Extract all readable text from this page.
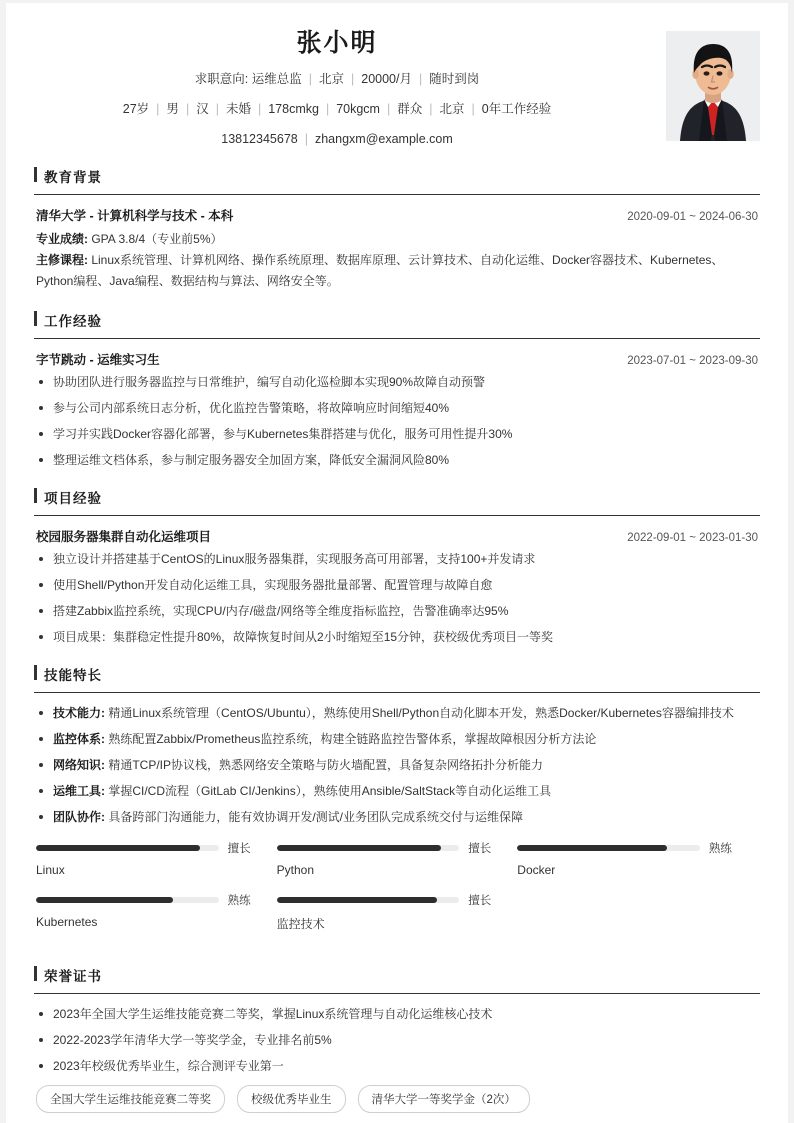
张小明
求职意向: 运维总监 | 北京 | 20000/月 | 随时到岗
27岁 | 男 | 汉 | 未婚 | 178cmkg | 70kgcm | 群众 | 北京 | 0年工作经验
13812345678 | zhangxm@example.com
教育背景
清华大学 - 计算机科学与技术 - 本科	2020-09-01 ~ 2024-06-30
专业成绩: GPA 3.8/4（专业前5%）
主修课程: Linux系统管理、计算机网络、操作系统原理、数据库原理、云计算技术、自动化运维、Docker容器技术、Kubernetes、Python编程、Java编程、数据结构与算法、网络安全等。
工作经验
字节跳动 - 运维实习生	2023-07-01 ~ 2023-09-30
协助团队进行服务器监控与日常维护，编写自动化巡检脚本实现90%故障自动预警
参与公司内部系统日志分析，优化监控告警策略，将故障响应时间缩短40%
学习并实践Docker容器化部署，参与Kubernetes集群搭建与优化，服务可用性提升30%
整理运维文档体系，参与制定服务器安全加固方案，降低安全漏洞风险80%
项目经验
校园服务器集群自动化运维项目	2022-09-01 ~ 2023-01-30
独立设计并搭建基于CentOS的Linux服务器集群，实现服务高可用部署，支持100+并发请求
使用Shell/Python开发自动化运维工具，实现服务器批量部署、配置管理与故障自愈
搭建Zabbix监控系统，实现CPU/内存/磁盘/网络等全维度指标监控，告警准确率达95%
项目成果：集群稳定性提升80%，故障恢复时间从2小时缩短至15分钟，获校级优秀项目一等奖
技能特长
技术能力: 精通Linux系统管理（CentOS/Ubuntu），熟练使用Shell/Python自动化脚本开发，熟悉Docker/Kubernetes容器编排技术
监控体系: 熟练配置Zabbix/Prometheus监控系统，构建全链路监控告警体系，掌握故障根因分析方法论
网络知识: 精通TCP/IP协议栈，熟悉网络安全策略与防火墙配置，具备复杂网络拓扑分析能力
运维工具: 掌握CI/CD流程（GitLab CI/Jenkins），熟练使用Ansible/SaltStack等自动化运维工具
团队协作: 具备跨部门沟通能力，能有效协调开发/测试/业务团队完成系统交付与运维保障
擅长
Linux
擅长
Python
熟练
Docker
熟练
Kubernetes
擅长
监控技术
荣誉证书
2023年全国大学生运维技能竞赛二等奖，掌握Linux系统管理与自动化运维核心技术
2022-2023学年清华大学一等奖学金，专业排名前5%
2023年校级优秀毕业生，综合测评专业第一
全国大学生运维技能竞赛二等奖	校级优秀毕业生	清华大学一等奖学金（2次）
